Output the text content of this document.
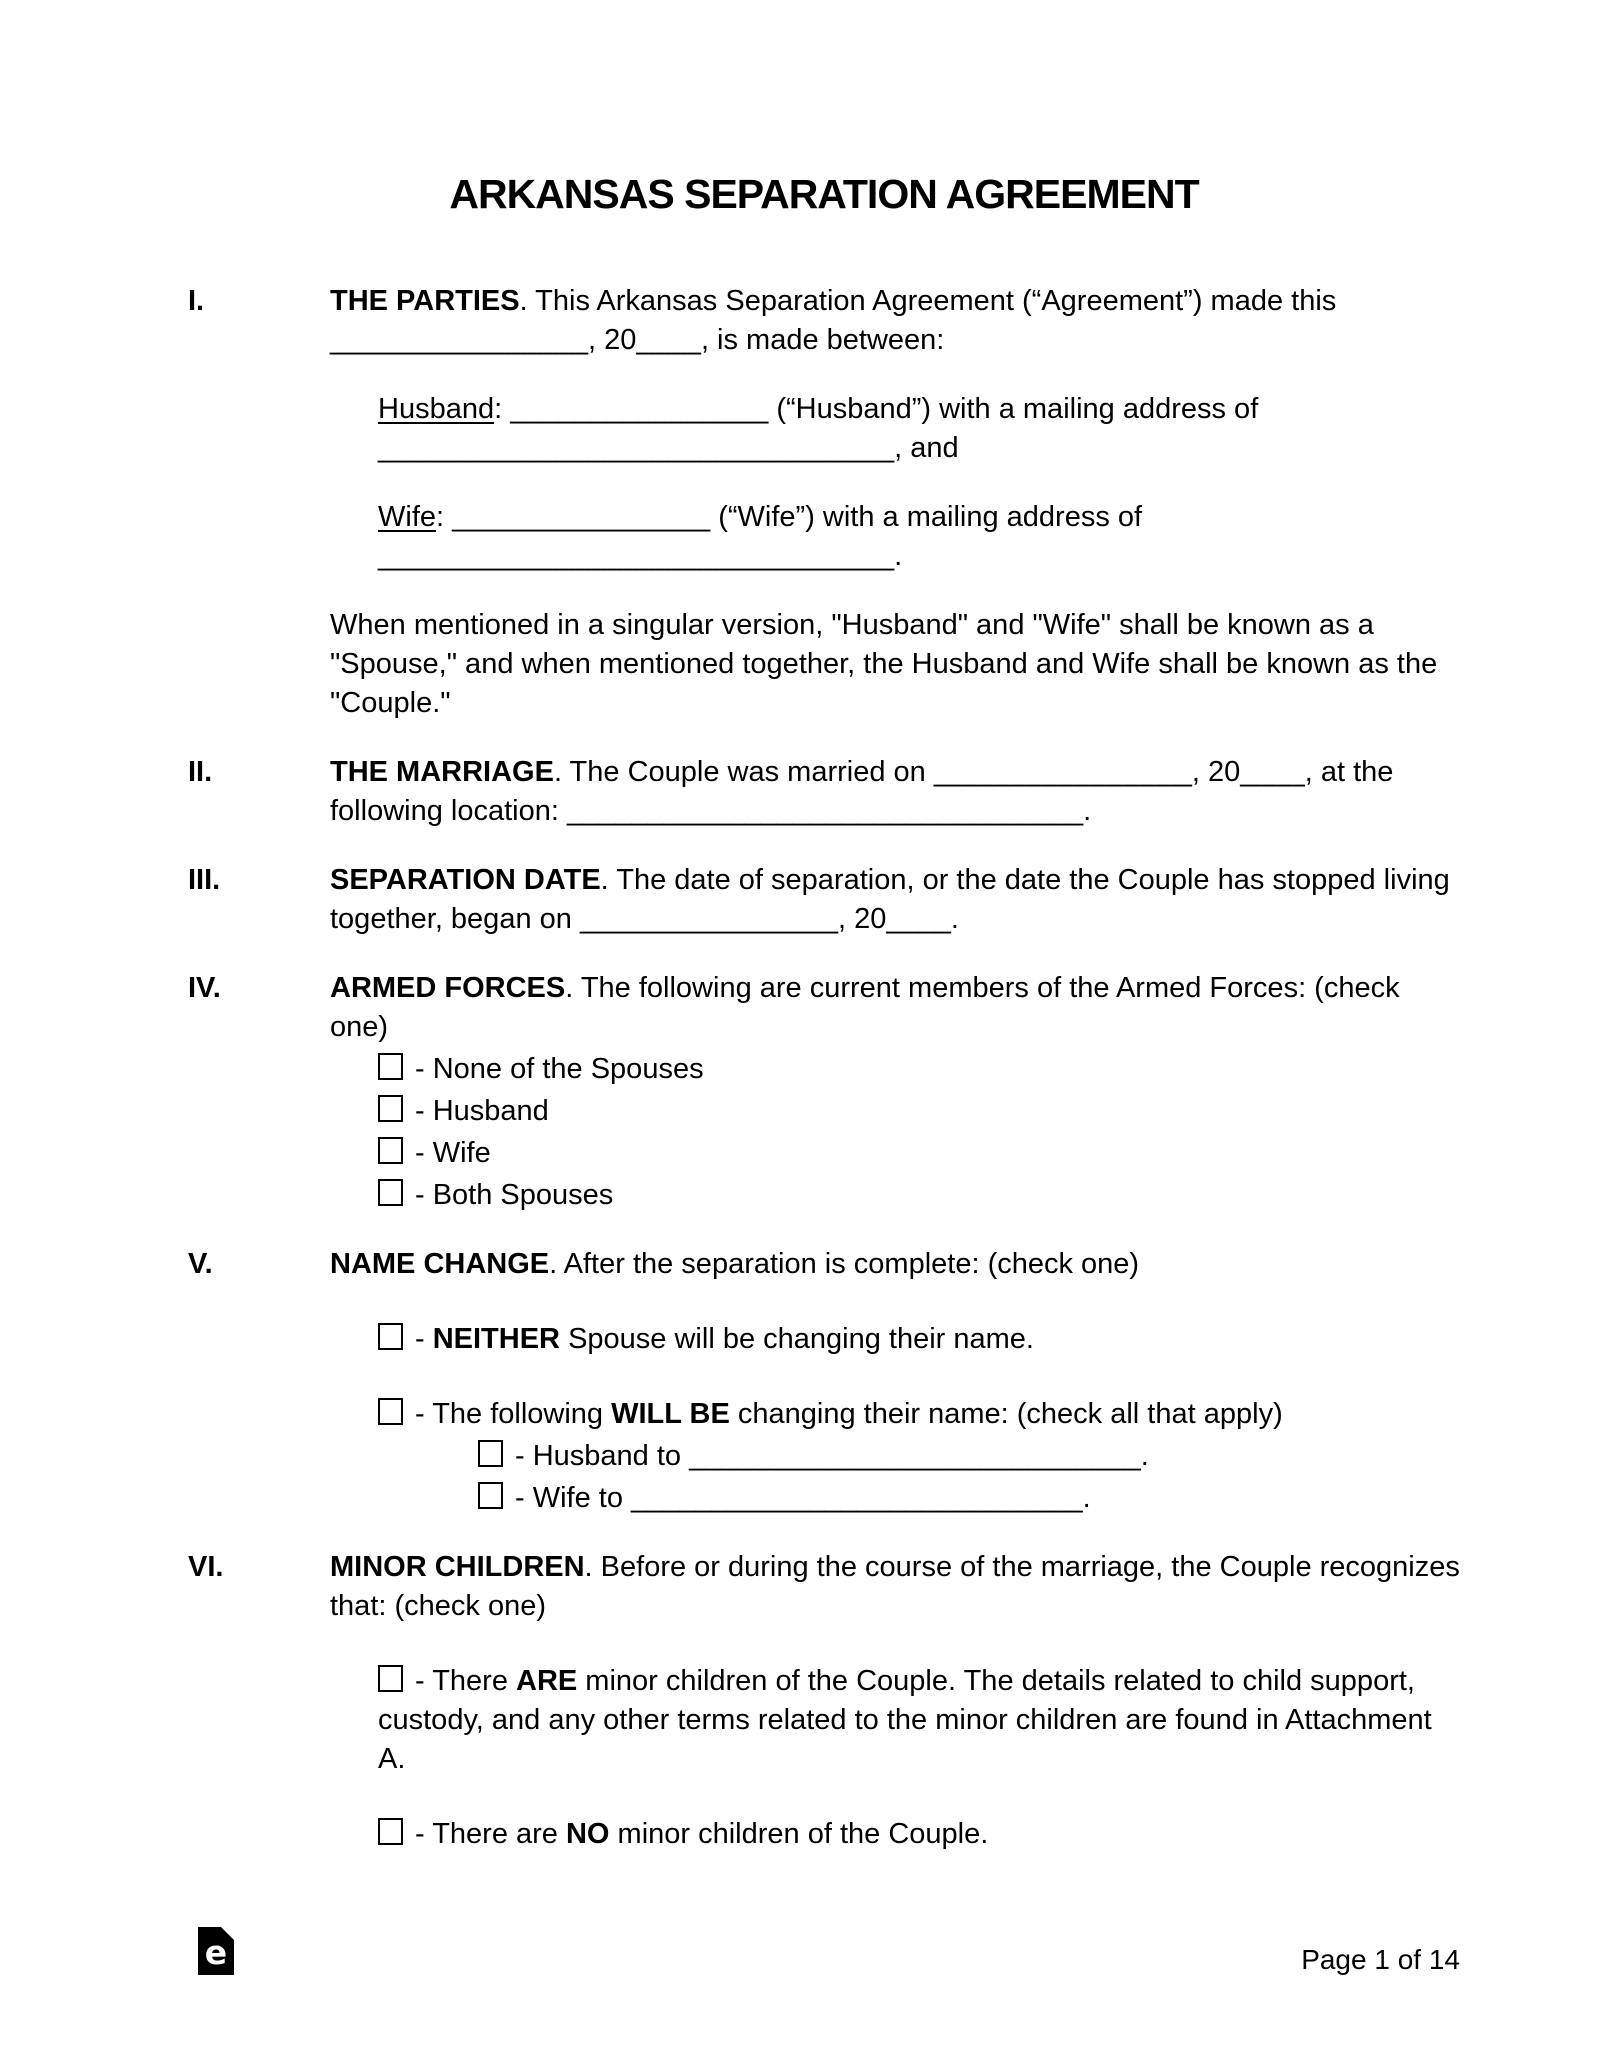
ARKANSAS SEPARATION AGREEMENT
I.	THE PARTIES. This Arkansas Separation Agreement (“Agreement”) made this ________________, 20____, is made between:
Husband: ________________ (“Husband”) with a mailing address of ________________________________, and
Wife: ________________ (“Wife”) with a mailing address of ________________________________.
When mentioned in a singular version, "Husband" and "Wife" shall be known as a "Spouse," and when mentioned together, the Husband and Wife shall be known as the "Couple."
II.	THE MARRIAGE. The Couple was married on ________________, 20____, at the following location: ________________________________.
III.	SEPARATION DATE. The date of separation, or the date the Couple has stopped living together, began on ________________, 20____.
IV.	ARMED FORCES. The following are current members of the Armed Forces: (check one)
- None of the Spouses
- Husband
- Wife
- Both Spouses
V.	NAME CHANGE. After the separation is complete: (check one)
- NEITHER Spouse will be changing their name.
- The following WILL BE changing their name: (check all that apply)
- Husband to ____________________________.
- Wife to ____________________________.
VI.	MINOR CHILDREN. Before or during the course of the marriage, the Couple recognizes that: (check one)
- There ARE minor children of the Couple. The details related to child support, custody, and any other terms related to the minor children are found in Attachment A.
- There are NO minor children of the Couple.
e	Page 1 of 14
